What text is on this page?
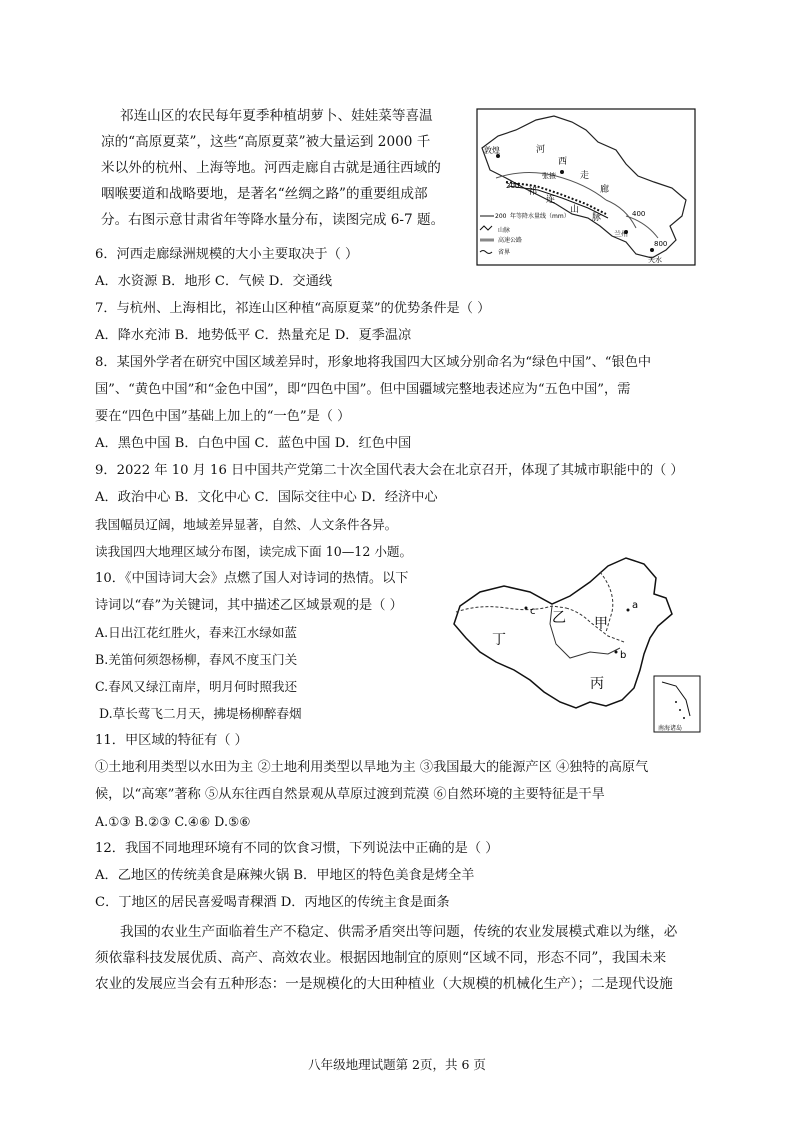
祁连山区的农民每年夏季种植胡萝卜、娃娃菜等喜温
凉的“高原夏菜”，这些“高原夏菜”被大量运到 2000 千
米以外的杭州、上海等地。河西走廊自古就是通往西域的
咽喉要道和战略要地，是著名“丝绸之路”的重要组成部
分。右图示意甘肃省年等降水量分布，读图完成 6-7 题。
敦煌	河
西
走
廊
张掖
祁
连
山
脉
200
400
兰州
800
天水
200 年等降水量线（mm）
山脉
高速公路
省界
6．河西走廊绿洲规模的大小主要取决于（ ）
A．水资源 B．地形 C．气候 D．交通线
7．与杭州、上海相比，祁连山区种植“高原夏菜”的优势条件是（ ）
A．降水充沛 B．地势低平 C．热量充足 D．夏季温凉
8．某国外学者在研究中国区域差异时，形象地将我国四大区域分别命名为“绿色中国”、“银色中
国”、“黄色中国”和“金色中国”，即“四色中国”。但中国疆域完整地表述应为“五色中国”，需
要在“四色中国”基础上加上的“一色”是（ ）
A．黑色中国 B．白色中国 C．蓝色中国 D．红色中国
9．2022 年 10 月 16 日中国共产党第二十次全国代表大会在北京召开，体现了其城市职能中的（ ）
A．政治中心 B．文化中心 C．国际交往中心 D．经济中心
我国幅员辽阔，地域差异显著，自然、人文条件各异。
读我国四大地理区域分布图，读完成下面 10—12 小题。
10．《中国诗词大会》点燃了国人对诗词的热情。以下
诗词以“春”为关键词，其中描述乙区域景观的是（ ）
A.日出江花红胜火，春来江水绿如蓝
B.羌笛何须怨杨柳，春风不度玉门关
C.春风又绿江南岸，明月何时照我还
D.草长莺飞二月天，拂堤杨柳醉春烟
乙 甲
丁
丙
a
b
c
南海诸岛
11．甲区域的特征有（ ）
①土地利用类型以水田为主 ②土地利用类型以旱地为主 ③我国最大的能源产区 ④独特的高原气
候，以“高寒”著称 ⑤从东往西自然景观从草原过渡到荒漠 ⑥自然环境的主要特征是干旱
A.①③ B.②③ C.④⑥ D.⑤⑥
12．我国不同地理环境有不同的饮食习惯，下列说法中正确的是（ ）
A．乙地区的传统美食是麻辣火锅 B．甲地区的特色美食是烤全羊
C．丁地区的居民喜爱喝青稞酒 D．丙地区的传统主食是面条
我国的农业生产面临着生产不稳定、供需矛盾突出等问题，传统的农业发展模式难以为继，必
须依靠科技发展优质、高产、高效农业。根据因地制宜的原则“区域不同，形态不同”，我国未来
农业的发展应当会有五种形态：一是规模化的大田种植业（大规模的机械化生产）；二是现代设施
八年级地理试题第 2页，共 6 页
